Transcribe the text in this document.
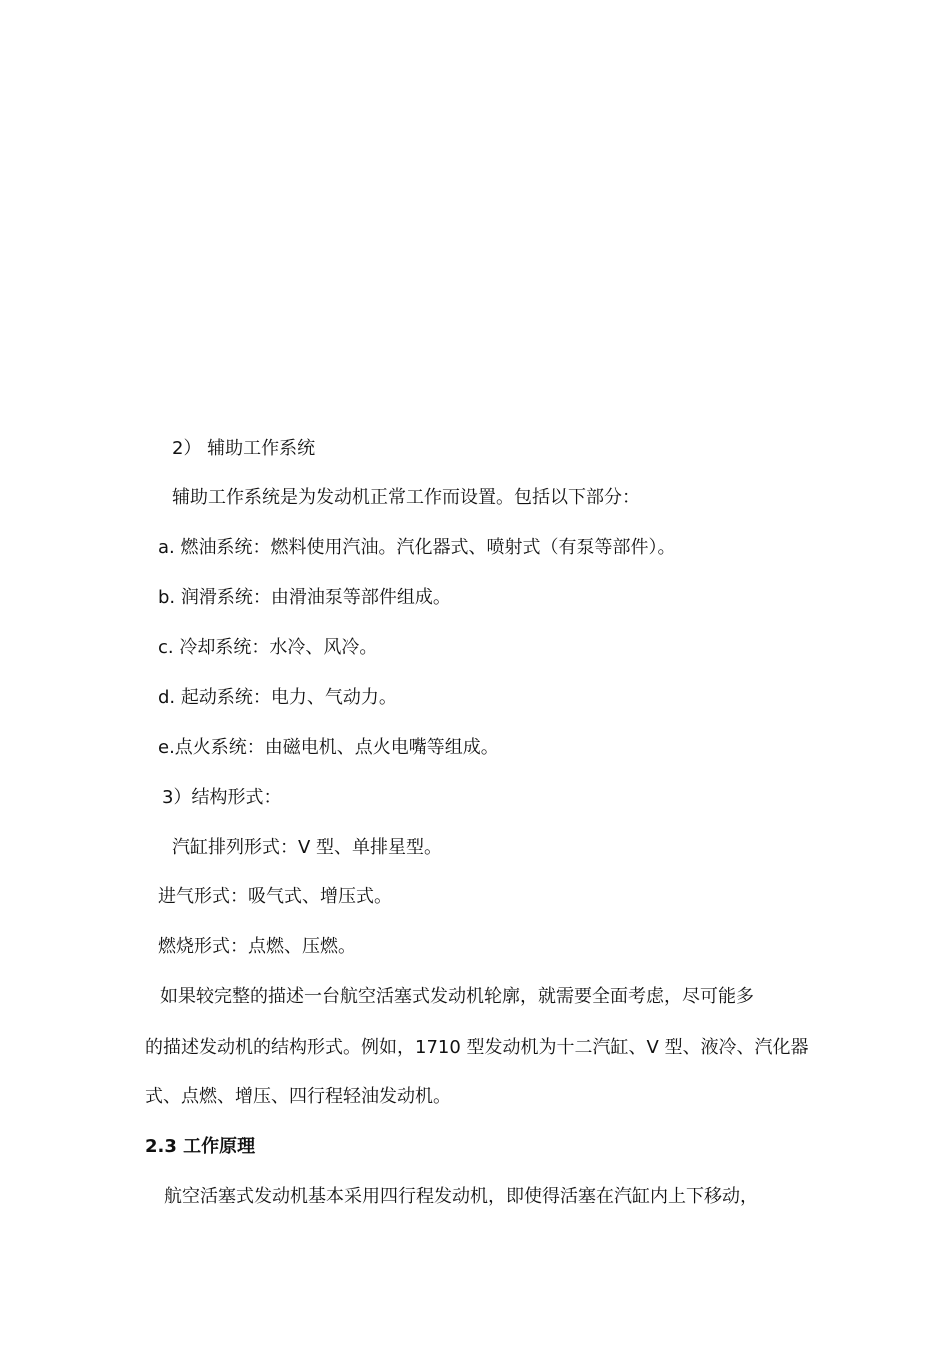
2） 辅助工作系统
辅助工作系统是为发动机正常工作而设置。包括以下部分：
a. 燃油系统：燃料使用汽油。汽化器式、喷射式（有泵等部件）。
b. 润滑系统：由滑油泵等部件组成。
c. 冷却系统：水冷、风冷。
d. 起动系统：电力、气动力。
e.点火系统：由磁电机、点火电嘴等组成。
3）结构形式：
汽缸排列形式：V 型、单排星型。
进气形式：吸气式、增压式。
燃烧形式：点燃、压燃。
如果较完整的描述一台航空活塞式发动机轮廓，就需要全面考虑，尽可能多
的描述发动机的结构形式。例如，1710 型发动机为十二汽缸、V 型、液冷、汽化器
式、点燃、增压、四行程轻油发动机。
2.3 工作原理
航空活塞式发动机基本采用四行程发动机，即使得活塞在汽缸内上下移动，
